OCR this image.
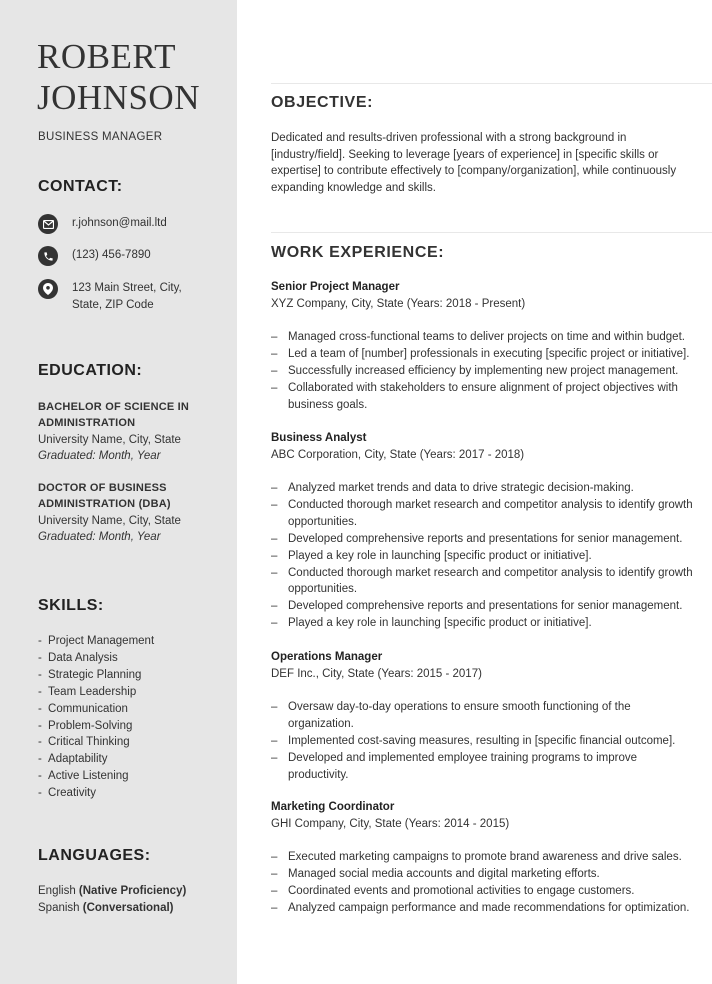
ROBERT
JOHNSON
BUSINESS MANAGER
CONTACT:
r.johnson@mail.ltd
(123) 456-7890
123 Main Street, City,
State, ZIP Code
EDUCATION:
BACHELOR OF SCIENCE IN
ADMINISTRATION
University Name, City, State
Graduated: Month, Year
DOCTOR OF BUSINESS
ADMINISTRATION (DBA)
University Name, City, State
Graduated: Month, Year
SKILLS:
- Project Management
- Data Analysis
- Strategic Planning
- Team Leadership
- Communication
- Problem-Solving
- Critical Thinking
- Adaptability
- Active Listening
- Creativity
LANGUAGES:
English (Native Proficiency)
Spanish (Conversational)
OBJECTIVE:
Dedicated and results-driven professional with a strong background in [industry/field]. Seeking to leverage [years of experience] in [specific skills or expertise] to contribute effectively to [company/organization], while continuously expanding knowledge and skills.
WORK EXPERIENCE:
Senior Project Manager
XYZ Company, City, State (Years: 2018 - Present)
– Managed cross-functional teams to deliver projects on time and within budget.
– Led a team of [number] professionals in executing [specific project or initiative].
– Successfully increased efficiency by implementing new project management.
– Collaborated with stakeholders to ensure alignment of project objectives with business goals.
Business Analyst
ABC Corporation, City, State (Years: 2017 - 2018)
– Analyzed market trends and data to drive strategic decision-making.
– Conducted thorough market research and competitor analysis to identify growth opportunities.
– Developed comprehensive reports and presentations for senior management.
– Played a key role in launching [specific product or initiative].
– Conducted thorough market research and competitor analysis to identify growth opportunities.
– Developed comprehensive reports and presentations for senior management.
– Played a key role in launching [specific product or initiative].
Operations Manager
DEF Inc., City, State (Years: 2015 - 2017)
– Oversaw day-to-day operations to ensure smooth functioning of the organization.
– Implemented cost-saving measures, resulting in [specific financial outcome].
– Developed and implemented employee training programs to improve productivity.
Marketing Coordinator
GHI Company, City, State (Years: 2014 - 2015)
– Executed marketing campaigns to promote brand awareness and drive sales.
– Managed social media accounts and digital marketing efforts.
– Coordinated events and promotional activities to engage customers.
– Analyzed campaign performance and made recommendations for optimization.
